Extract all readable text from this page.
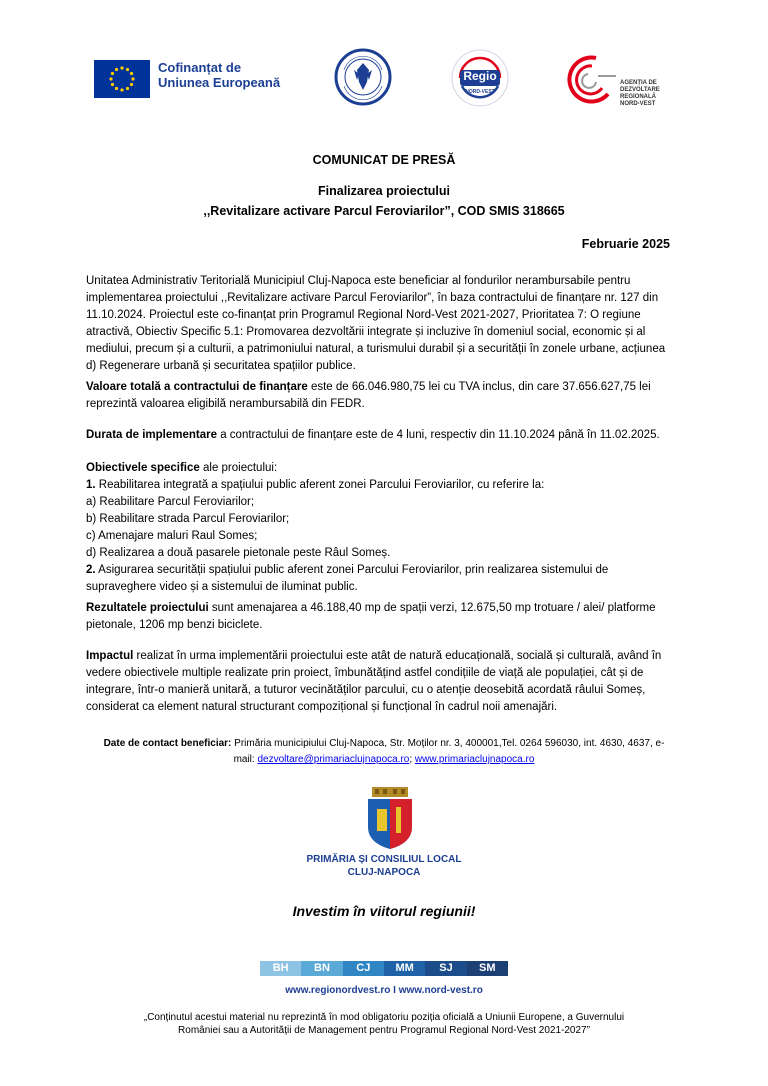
Cofinanțat de
Uniunea Europeană	Regio
NORD-VEST
AGENȚIA DE
DEZVOLTARE REGIONALĂ
NORD-VEST
COMUNICAT DE PRESĂ
Finalizarea proiectului
,,Revitalizare activare Parcul Feroviarilor”, COD SMIS 318665
Februarie 2025
Unitatea Administrativ Teritorială Municipiul Cluj-Napoca este beneficiar al fondurilor nerambursabile pentru
implementarea proiectului ,,Revitalizare activare Parcul Feroviarilor”, în baza contractului de finanțare nr. 127 din
11.10.2024. Proiectul este co-finanțat prin Programul Regional Nord-Vest 2021-2027, Prioritatea 7: O regiune
atractivă, Obiectiv Specific 5.1: Promovarea dezvoltării integrate și incluzive în domeniul social, economic și al
mediului, precum și a culturii, a patrimoniului natural, a turismului durabil și a securității în zonele urbane, acțiunea
d) Regenerare urbană și securitatea spațiilor publice.
Valoare totală a contractului de finanțare este de 66.046.980,75 lei cu TVA inclus, din care 37.656.627,75 lei
reprezintă valoarea eligibilă nerambursabilă din FEDR.
Durata de implementare a contractului de finanțare este de 4 luni, respectiv din 11.10.2024 până în 11.02.2025.
Obiectivele specifice ale proiectului:
1. Reabilitarea integrată a spațiului public aferent zonei Parcului Feroviarilor, cu referire la:
a) Reabilitare Parcul Feroviarilor;
b) Reabilitare strada Parcul Feroviarilor;
c) Amenajare maluri Raul Somes;
d) Realizarea a două pasarele pietonale peste Râul Someș.
2. Asigurarea securității spațiului public aferent zonei Parcului Feroviarilor, prin realizarea sistemului de
supraveghere video și a sistemului de iluminat public.
Rezultatele proiectului sunt amenajarea a 46.188,40 mp de spații verzi, 12.675,50 mp trotuare / alei/ platforme
pietonale, 1206 mp benzi biciclete.
Impactul realizat în urma implementării proiectului este atât de natură educațională, socială și culturală, având în
vedere obiectivele multiple realizate prin proiect, îmbunătățind astfel condițiile de viață ale populației, cât și de
integrare, într-o manieră unitară, a tuturor vecinătăților parcului, cu o atenție deosebită acordată râului Someș,
considerat ca element natural structurant compozițional și funcțional în cadrul noii amenajări.
Date de contact beneficiar: Primăria municipiului Cluj-Napoca, Str. Moților nr. 3, 400001,Tel. 0264 596030, int. 4630, 4637, e-
mail: dezvoltare@primariaclujnapoca.ro; www.primariaclujnapoca.ro
PRIMĂRIA ȘI CONSILIUL LOCAL
CLUJ-NAPOCA
Investim în viitorul regiunii!
BH	BN	CJ	MM	SJ	SM
www.regionordvest.ro I www.nord-vest.ro
„Conținutul acestui material nu reprezintă în mod obligatoriu poziția oficială a Uniunii Europene, a Guvernului
României sau a Autorității de Management pentru Programul Regional Nord-Vest 2021-2027”
